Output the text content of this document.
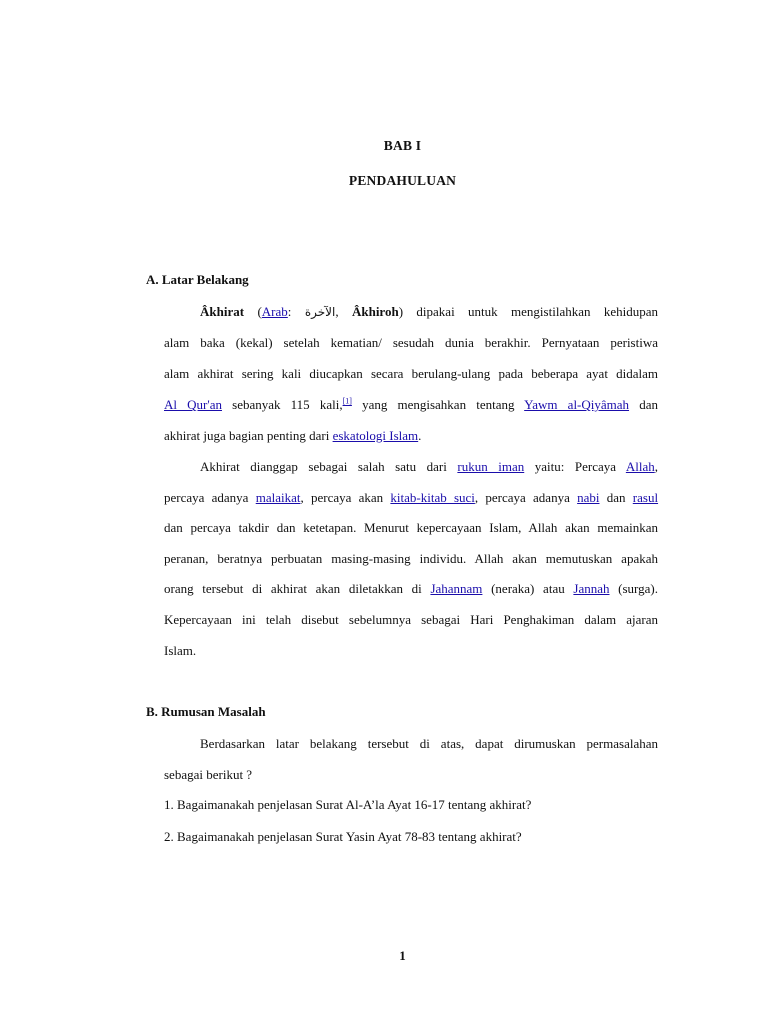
BAB I
PENDAHULUAN
A. Latar Belakang
Âkhirat (Arab: الآخرة, Âkhiroh) dipakai untuk mengistilahkan kehidupan
alam baka (kekal) setelah kematian/ sesudah dunia berakhir. Pernyataan peristiwa
alam akhirat sering kali diucapkan secara berulang-ulang pada beberapa ayat didalam
Al Qur'an sebanyak 115 kali,[1] yang mengisahkan tentang Yawm al-Qiyâmah dan
akhirat juga bagian penting dari eskatologi Islam.
Akhirat dianggap sebagai salah satu dari rukun iman yaitu: Percaya Allah,
percaya adanya malaikat, percaya akan kitab-kitab suci, percaya adanya nabi dan rasul
dan percaya takdir dan ketetapan. Menurut kepercayaan Islam, Allah akan memainkan
peranan, beratnya perbuatan masing-masing individu. Allah akan memutuskan apakah
orang tersebut di akhirat akan diletakkan di Jahannam (neraka) atau Jannah (surga).
Kepercayaan ini telah disebut sebelumnya sebagai Hari Penghakiman dalam ajaran
Islam.
B. Rumusan Masalah
Berdasarkan latar belakang tersebut di atas, dapat dirumuskan permasalahan
sebagai berikut ?
1. Bagaimanakah penjelasan Surat Al-A’la Ayat 16-17 tentang akhirat?
2. Bagaimanakah penjelasan Surat Yasin Ayat 78-83 tentang akhirat?
1
